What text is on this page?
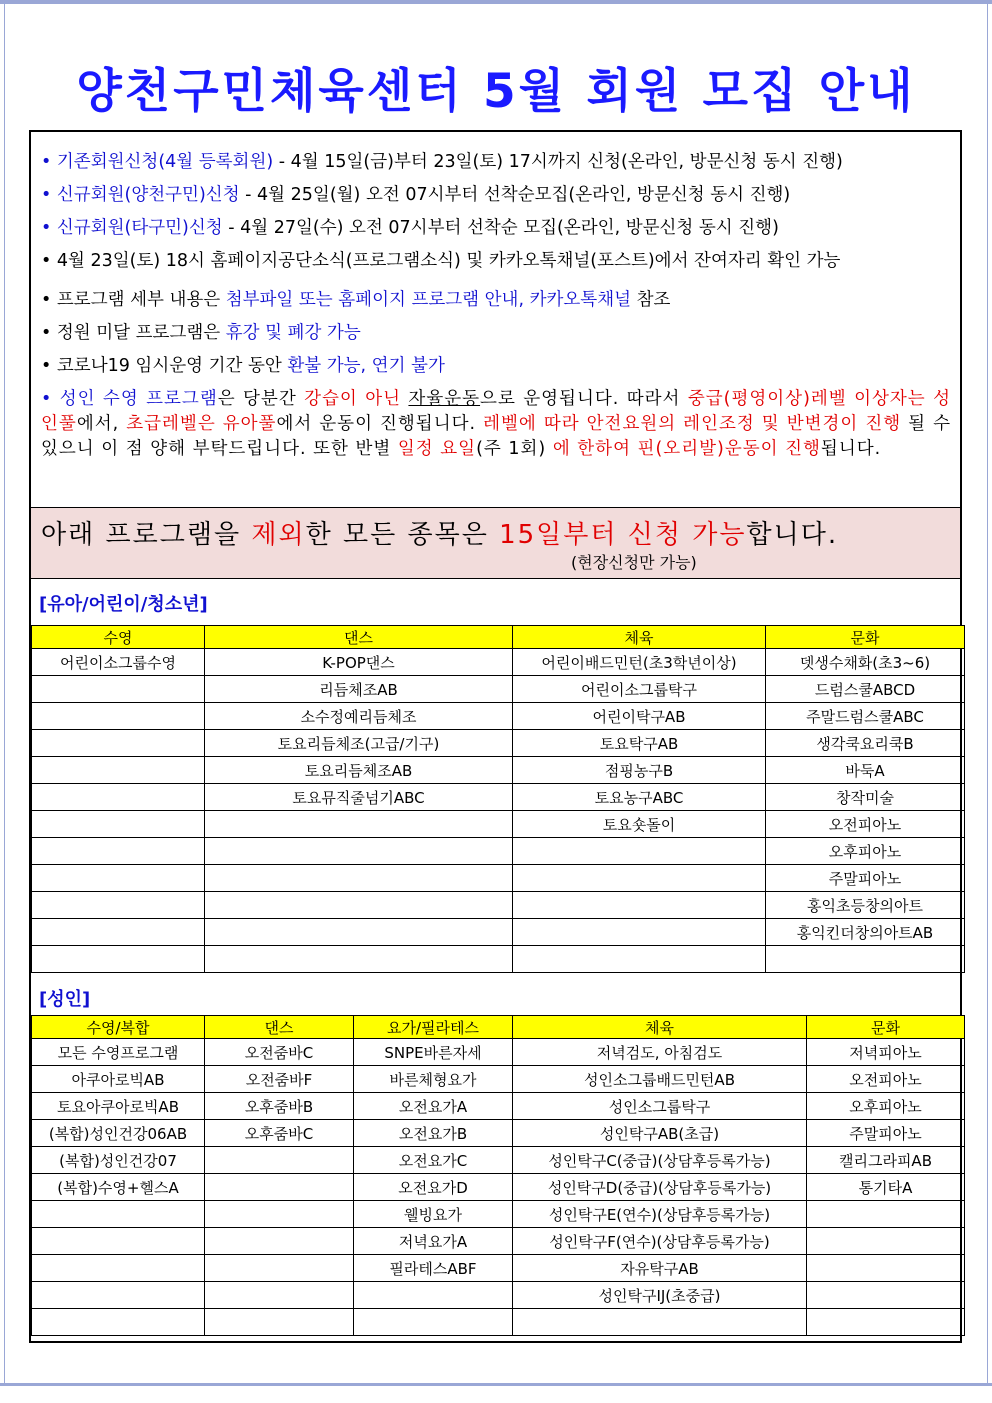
양천구민체육센터 5월 회원 모집 안내
• 기존회원신청(4월 등록회원) - 4월 15일(금)부터 23일(토) 17시까지 신청(온라인, 방문신청 동시 진행)
• 신규회원(양천구민)신청 - 4월 25일(월) 오전 07시부터 선착순모집(온라인, 방문신청 동시 진행)
• 신규회원(타구민)신청 - 4월 27일(수) 오전 07시부터 선착순 모집(온라인, 방문신청 동시 진행)
• 4월 23일(토) 18시 홈페이지공단소식(프로그램소식) 및 카카오톡채널(포스트)에서 잔여자리 확인 가능
• 프로그램 세부 내용은 첨부파일 또는 홈페이지 프로그램 안내, 카카오톡채널 참조
• 정원 미달 프로그램은 휴강 및 폐강 가능
• 코로나19 임시운영 기간 동안 환불 가능, 연기 불가
• 성인 수영 프로그램은 당분간 강습이 아닌 자율운동으로 운영됩니다. 따라서 중급(평영이상)레벨 이상자는 성인풀에서, 초급레벨은 유아풀에서 운동이 진행됩니다. 레벨에 따라 안전요원의 레인조정 및 반변경이 진행 될 수 있으니 이 점 양해 부탁드립니다. 또한 반별 일정 요일(주 1회) 에 한하여 핀(오리발)운동이 진행됩니다.
아래 프로그램을 제외한 모든 종목은 15일부터 신청 가능합니다.
(현장신청만 가능)
[유아/어린이/청소년]
수영	댄스	체육	문화
어린이소그룹수영	K-POP댄스	어린이배드민턴(초3학년이상)	뎃생수채화(초3~6)
	리듬체조AB	어린이소그룹탁구	드럼스쿨ABCD
	소수정예리듬체조	어린이탁구AB	주말드럼스쿨ABC
	토요리듬체조(고급/기구)	토요탁구AB	생각쿡요리쿡B
	토요리듬체조AB	점핑농구B	바둑A
	토요뮤직줄넘기ABC	토요농구ABC	창작미술
		토요숏돌이	오전피아노
			오후피아노
			주말피아노
			홍익초등창의아트
			홍익킨더창의아트AB

[성인]
수영/복합	댄스	요가/필라테스	체육	문화
모든 수영프로그램	오전줌바C	SNPE바른자세	저녁검도, 아침검도	저녁피아노
아쿠아로빅AB	오전줌바F	바른체형요가	성인소그룹배드민턴AB	오전피아노
토요아쿠아로빅AB	오후줌바B	오전요가A	성인소그룹탁구	오후피아노
(복합)성인건강06AB	오후줌바C	오전요가B	성인탁구AB(초급)	주말피아노
(복합)성인건강07		오전요가C	성인탁구C(중급)(상담후등록가능)	캘리그라피AB
(복합)수영+헬스A		오전요가D	성인탁구D(중급)(상담후등록가능)	통기타A
		웰빙요가	성인탁구E(연수)(상담후등록가능)	
		저녁요가A	성인탁구F(연수)(상담후등록가능)	
		필라테스ABF	자유탁구AB	
			성인탁구IJ(초중급)	
